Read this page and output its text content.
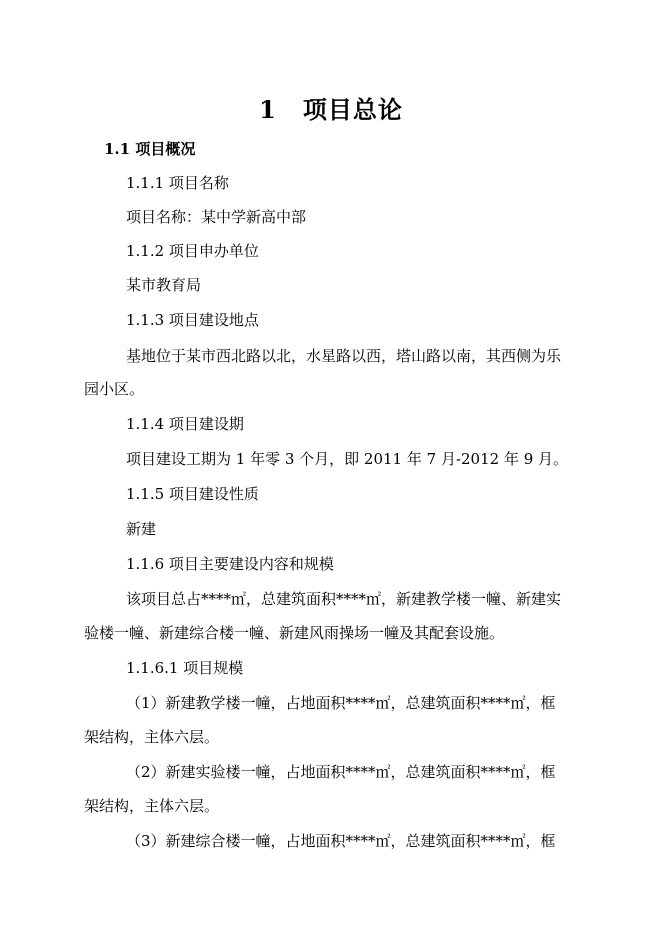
1 项目总论
1.1 项目概况
1.1.1 项目名称
项目名称：某中学新高中部
1.1.2 项目申办单位
某市教育局
1.1.3 项目建设地点
基地位于某市西北路以北，水星路以西，塔山路以南，其西侧为乐
园小区。
1.1.4 项目建设期
项目建设工期为 1 年零 3 个月，即 2011 年 7 月-2012 年 9 月。
1.1.5 项目建设性质
新建
1.1.6 项目主要建设内容和规模
该项目总占****㎡，总建筑面积****㎡，新建教学楼一幢、新建实
验楼一幢、新建综合楼一幢、新建风雨操场一幢及其配套设施。
1.1.6.1 项目规模
（1）新建教学楼一幢，占地面积****㎡，总建筑面积****㎡，框
架结构，主体六层。
（2）新建实验楼一幢，占地面积****㎡，总建筑面积****㎡，框
架结构，主体六层。
（3）新建综合楼一幢，占地面积****㎡，总建筑面积****㎡，框
